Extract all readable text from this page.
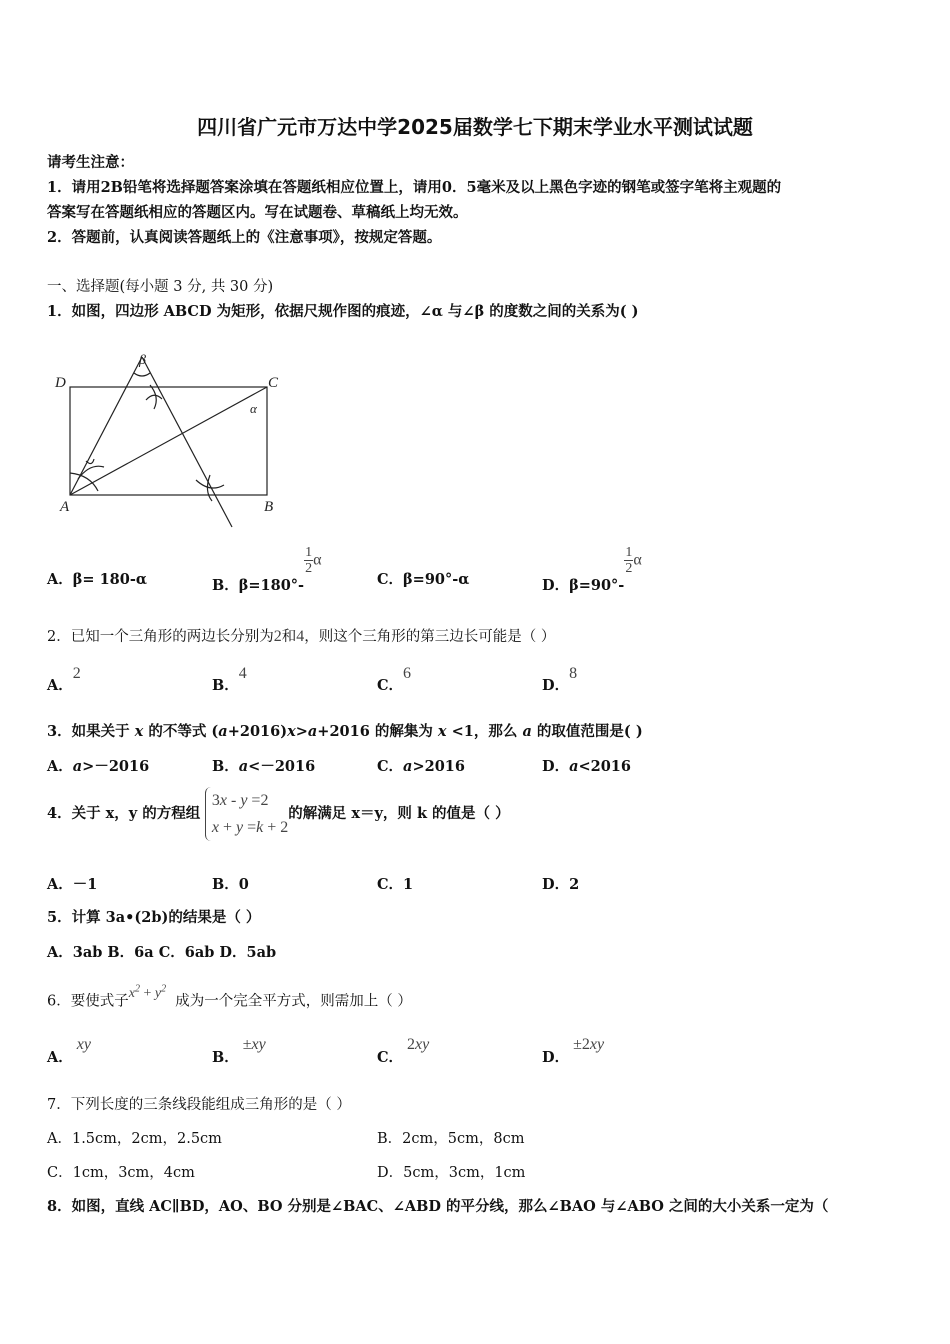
四川省广元市万达中学2025届数学七下期末学业水平测试试题
请考生注意：
1．请用2B铅笔将选择题答案涂填在答题纸相应位置上，请用0．5毫米及以上黑色字迹的钢笔或签字笔将主观题的
答案写在答题纸相应的答题区内。写在试题卷、草稿纸上均无效。
2．答题前，认真阅读答题纸上的《注意事项》，按规定答题。
一、选择题(每小题 3 分, 共 30 分)
1．如图，四边形 ABCD 为矩形，依据尺规作图的痕迹，∠α 与∠β 的度数之间的关系为( )
D	C
A	B
α
β
A．β= 180-α	B．β=180°-
$\frac{1}{2}$ α
C．β=90°-α	D．β=90°-
$\frac{1}{2}$ α
2．已知一个三角形的两边长分别为2和4，则这个三角形的第三边长可能是（ ）
A．2
B．4
C．6
D．8
3．如果关于 x 的不等式 (a+2016)x>a+2016 的解集为 x <1，那么 a 的取值范围是( )
A．a>－2016	B．a<－2016	C．a>2016	D．a<2016
4．关于 x，y 的方程组 3x - y =2
x + y =k + 2的解满足 x＝y，则 k 的值是（ ）
A．－1	B．0	C．1	D．2
5．计算 3a•(2b)的结果是（ ）
A．3ab B．6a C．6ab D．5ab
6．要使式子$x^2 + y^2$  成为一个完全平方式，则需加上（ ）
A．xy
B．±xy
C．2xy
D．±2xy
7．下列长度的三条线段能组成三角形的是（ ）
A．1.5cm，2cm，2.5cm	B．2cm，5cm，8cm
C．1cm，3cm，4cm	D．5cm，3cm，1cm
8．如图，直线 AC∥BD，AO、BO 分别是∠BAC、∠ABD 的平分线，那么∠BAO 与∠ABO 之间的大小关系一定为（
